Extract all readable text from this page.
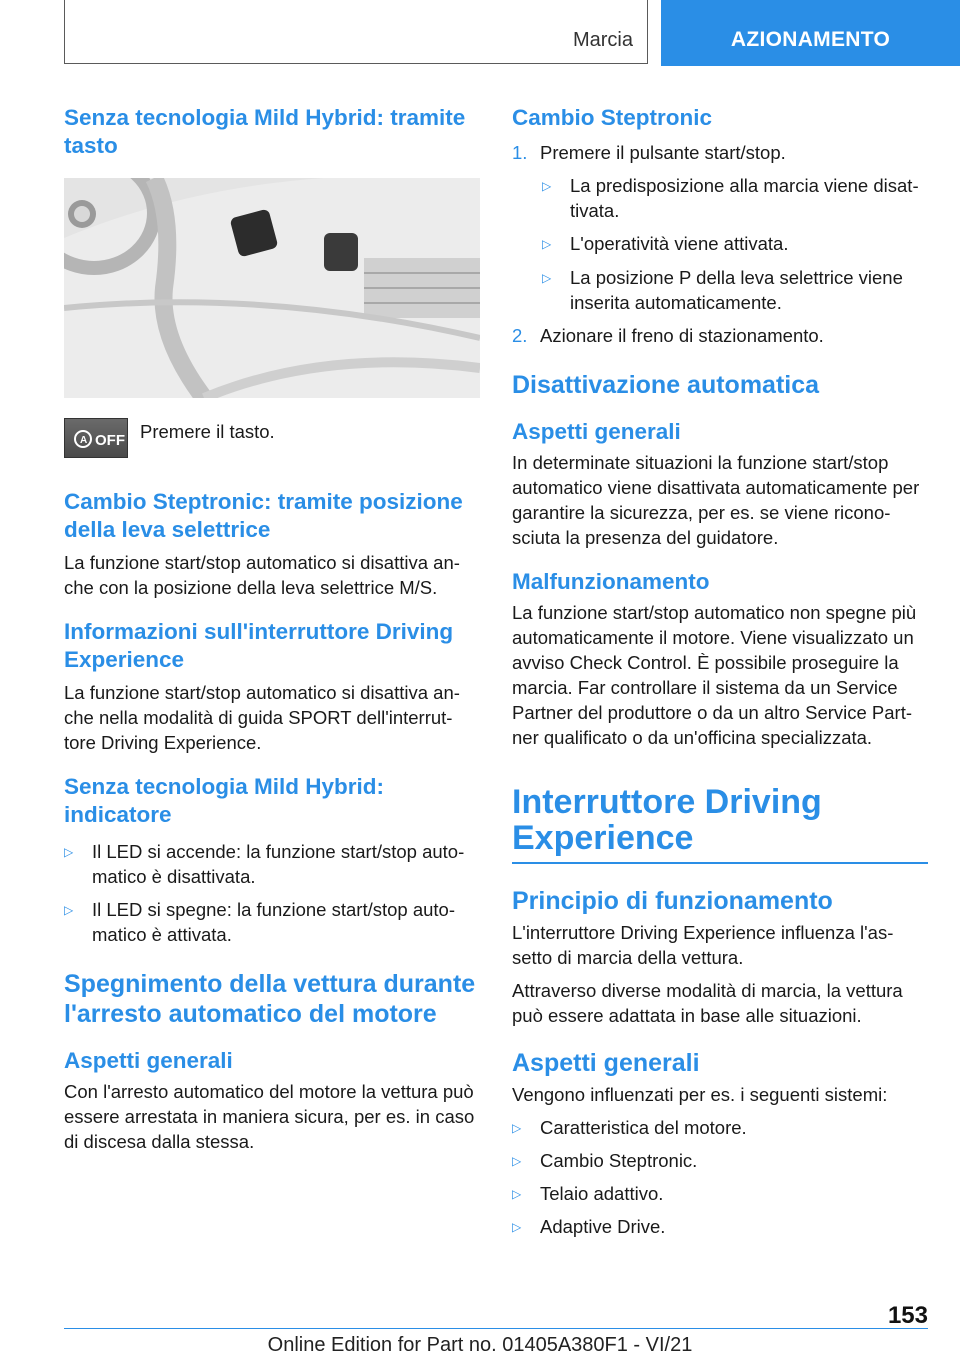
Marcia	AZIONAMENTO
Senza tecnologia Mild Hybrid: tramite tasto
A OFF Premere il tasto.
Cambio Steptronic: tramite posizione della leva selettrice
La funzione start/stop automatico si disattiva an- che con la posizione della leva selettrice M/S.
Informazioni sull'interruttore Driving Experience
La funzione start/stop automatico si disattiva an- che nella modalità di guida SPORT dell'interrut- tore Driving Experience.
Senza tecnologia Mild Hybrid: indicatore
▷	Il LED si accende: la funzione start/stop auto- matico è disattivata.
▷	Il LED si spegne: la funzione start/stop auto- matico è attivata.
Spegnimento della vettura durante l'arresto automatico del motore
Aspetti generali
Con l'arresto automatico del motore la vettura può essere arrestata in maniera sicura, per es. in caso di discesa dalla stessa.
Cambio Steptronic
1. Premere il pulsante start/stop.
▷	La predisposizione alla marcia viene disat- tivata.
▷	L'operatività viene attivata.
▷	La posizione P della leva selettrice viene inserita automaticamente.
2. Azionare il freno di stazionamento.
Disattivazione automatica
Aspetti generali
In determinate situazioni la funzione start/stop automatico viene disattivata automaticamente per garantire la sicurezza, per es. se viene ricono- sciuta la presenza del guidatore.
Malfunzionamento
La funzione start/stop automatico non spegne più automaticamente il motore. Viene visualizzato un avviso Check Control. È possibile proseguire la marcia. Far controllare il sistema da un Service Partner del produttore o da un altro Service Part- ner qualificato o da un'officina specializzata.
Interruttore Driving Experience
Principio di funzionamento
L'interruttore Driving Experience influenza l'as- setto di marcia della vettura.
Attraverso diverse modalità di marcia, la vettura può essere adattata in base alle situazioni.
Aspetti generali
Vengono influenzati per es. i seguenti sistemi:
▷	Caratteristica del motore.
▷	Cambio Steptronic.
▷	Telaio adattivo.
▷	Adaptive Drive.
153
Online Edition for Part no. 01405A380F1 - VI/21
